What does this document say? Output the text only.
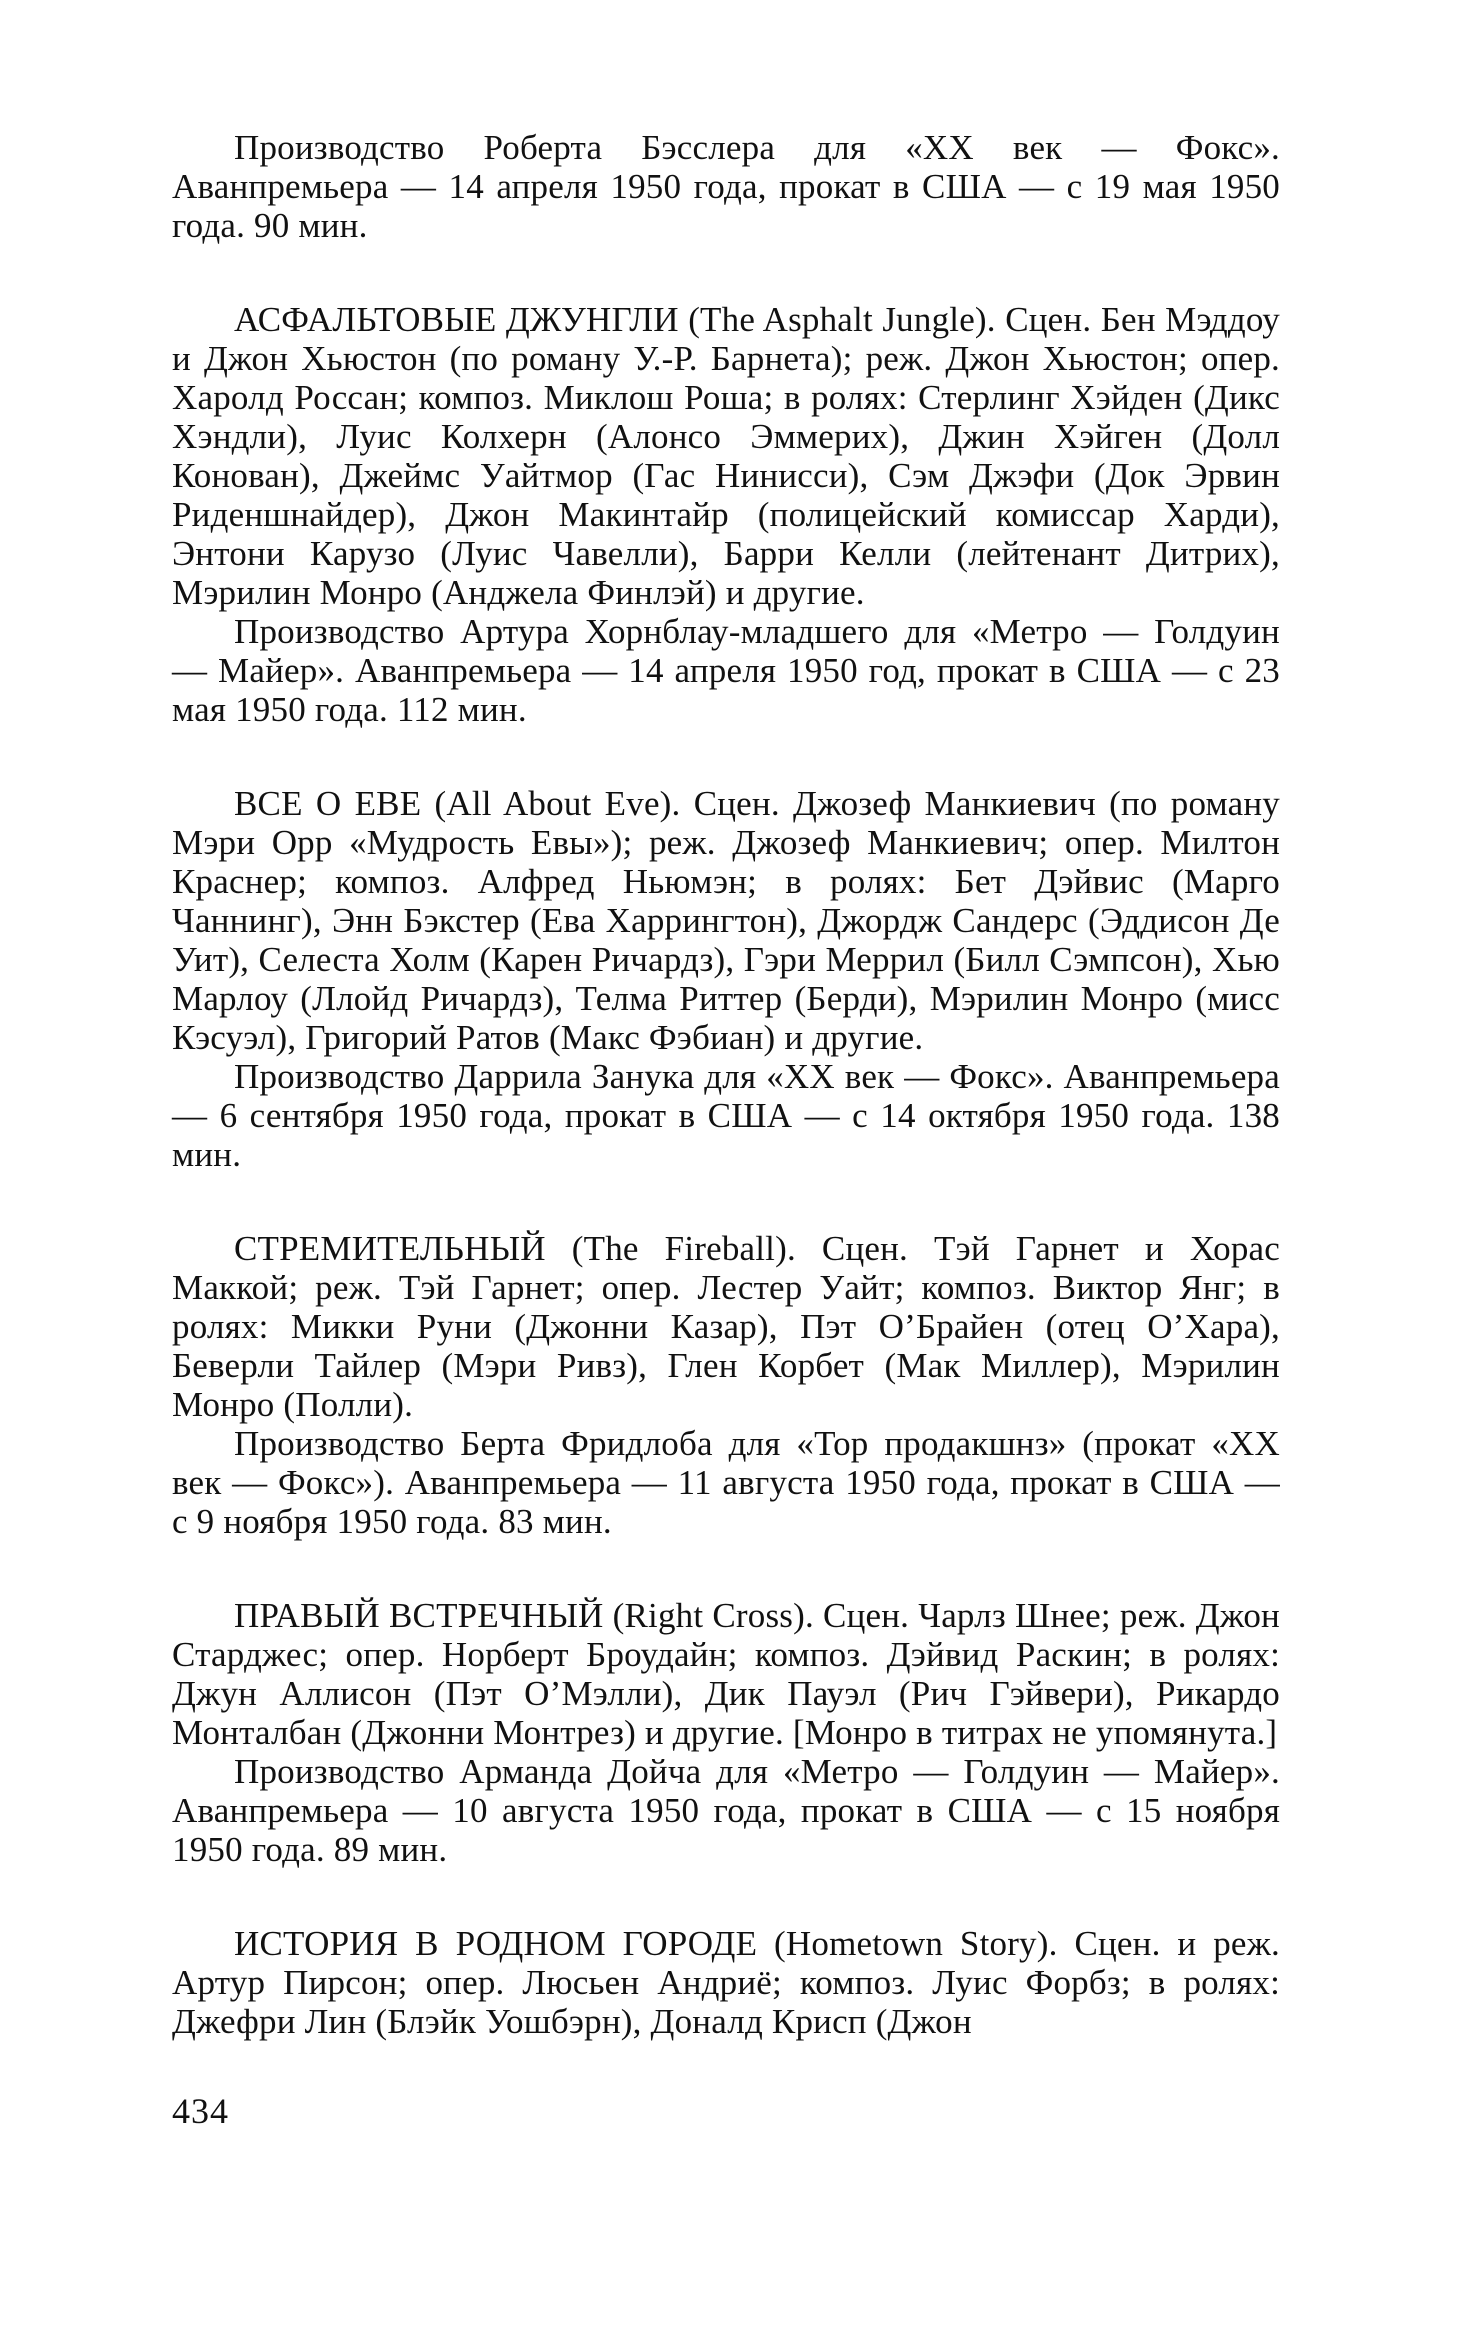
Производство Роберта Бэсслера для «XX век — Фокс». Аванпремьера — 14 апреля 1950 года, прокат в США — с 19 мая 1950 года. 90 мин.

АСФАЛЬТОВЫЕ ДЖУНГЛИ (The Asphalt Jungle). Сцен. Бен Мэддоу и Джон Хьюстон (по роману У.-Р. Барнета); реж. Джон Хьюстон; опер. Харолд Россан; композ. Миклош Роша; в ролях: Стерлинг Хэйден (Дикс Хэндли), Луис Колхерн (Алонсо Эммерих), Джин Хэйген (Долл Конован), Джеймс Уайтмор (Гас Нинисси), Сэм Джэфи (Док Эрвин Риденшнайдер), Джон Макинтайр (полицейский комиссар Харди), Энтони Карузо (Луис Чавелли), Барри Келли (лейтенант Дитрих), Мэрилин Монро (Анджела Финлэй) и другие.

Производство Артура Хорнблау-младшего для «Метро — Голдуин — Майер». Аванпремьера — 14 апреля 1950 год, прокат в США — с 23 мая 1950 года. 112 мин.

ВСЕ О ЕВЕ (All About Eve). Сцен. Джозеф Манкиевич (по роману Мэри Орр «Мудрость Евы»); реж. Джозеф Манкиевич; опер. Милтон Краснер; композ. Алфред Ньюмэн; в ролях: Бет Дэйвис (Марго Чаннинг), Энн Бэкстер (Ева Харрингтон), Джордж Сандерс (Эддисон Де Уит), Селеста Холм (Карен Ричардз), Гэри Меррил (Билл Сэмпсон), Хью Марлоу (Ллойд Ричардз), Телма Риттер (Берди), Мэрилин Монро (мисс Кэсуэл), Григорий Ратов (Макс Фэбиан) и другие.

Производство Даррила Занука для «XX век — Фокс». Аванпремьера — 6 сентября 1950 года, прокат в США — с 14 октября 1950 года. 138 мин.

СТРЕМИТЕЛЬНЫЙ (The Fireball). Сцен. Тэй Гарнет и Хорас Маккой; реж. Тэй Гарнет; опер. Лестер Уайт; композ. Виктор Янг; в ролях: Микки Руни (Джонни Казар), Пэт О’Брайен (отец О’Хара), Беверли Тайлер (Мэри Ривз), Глен Корбет (Мак Миллер), Мэрилин Монро (Полли).

Производство Берта Фридлоба для «Тор продакшнз» (прокат «XX век — Фокс»). Аванпремьера — 11 августа 1950 года, прокат в США — с 9 ноября 1950 года. 83 мин.

ПРАВЫЙ ВСТРЕЧНЫЙ (Right Cross). Сцен. Чарлз Шнее; реж. Джон Старджес; опер. Норберт Броудайн; композ. Дэйвид Раскин; в ролях: Джун Аллисон (Пэт О’Мэлли), Дик Пауэл (Рич Гэйвери), Рикардо Монталбан (Джонни Монтрез) и другие. [Монро в титрах не упомянута.]

Производство Арманда Дойча для «Метро — Голдуин — Майер». Аванпремьера — 10 августа 1950 года, прокат в США — с 15 ноября 1950 года. 89 мин.

ИСТОРИЯ В РОДНОМ ГОРОДЕ (Hometown Story). Сцен. и реж. Артур Пирсон; опер. Люсьен Андриё; композ. Луис Форбз; в ролях: Джефри Лин (Блэйк Уошбэрн), Доналд Крисп (Джон

434
